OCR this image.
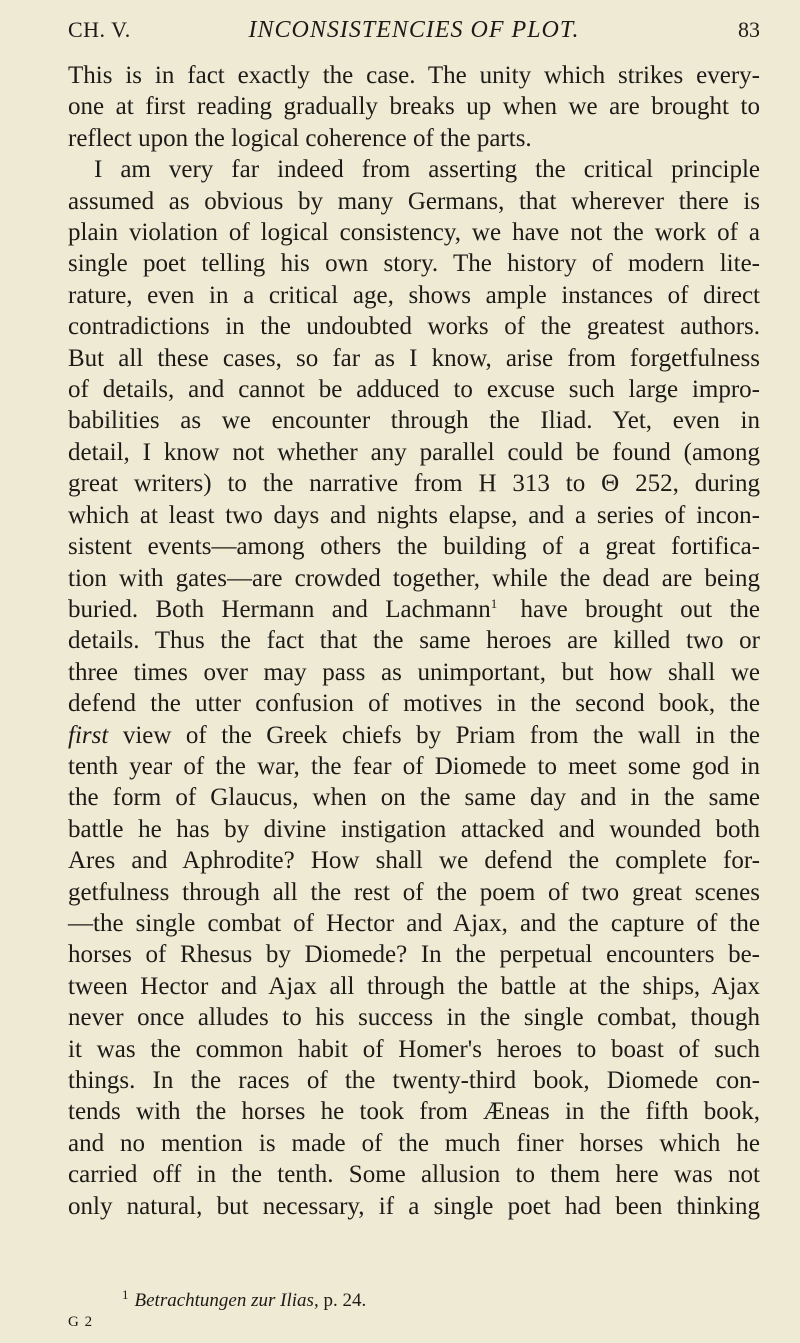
CH. V.	INCONSISTENCIES OF PLOT.	83

This is in fact exactly the case. The unity which strikes every-
one at first reading gradually breaks up when we are brought to
reflect upon the logical coherence of the parts.

I am very far indeed from asserting the critical principle
assumed as obvious by many Germans, that wherever there is
plain violation of logical consistency, we have not the work of a
single poet telling his own story. The history of modern lite-
rature, even in a critical age, shows ample instances of direct
contradictions in the undoubted works of the greatest authors.
But all these cases, so far as I know, arise from forgetfulness
of details, and cannot be adduced to excuse such large impro-
babilities as we encounter through the Iliad. Yet, even in
detail, I know not whether any parallel could be found (among
great writers) to the narrative from Η 313 to Θ 252, during
which at least two days and nights elapse, and a series of incon-
sistent events—among others the building of a great fortifica-
tion with gates—are crowded together, while the dead are being
buried. Both Hermann and Lachmann$^1$ have brought out the
details. Thus the fact that the same heroes are killed two or
three times over may pass as unimportant, but how shall we
defend the utter confusion of motives in the second book, the
first view of the Greek chiefs by Priam from the wall in the
tenth year of the war, the fear of Diomede to meet some god in
the form of Glaucus, when on the same day and in the same
battle he has by divine instigation attacked and wounded both
Ares and Aphrodite? How shall we defend the complete for-
getfulness through all the rest of the poem of two great scenes
—the single combat of Hector and Ajax, and the capture of the
horses of Rhesus by Diomede? In the perpetual encounters be-
tween Hector and Ajax all through the battle at the ships, Ajax
never once alludes to his success in the single combat, though
it was the common habit of Homer's heroes to boast of such
things. In the races of the twenty-third book, Diomede con-
tends with the horses he took from Æneas in the fifth book,
and no mention is made of the much finer horses which he
carried off in the tenth. Some allusion to them here was not
only natural, but necessary, if a single poet had been thinking

$^1$ Betrachtungen zur Ilias, p. 24.
G 2
